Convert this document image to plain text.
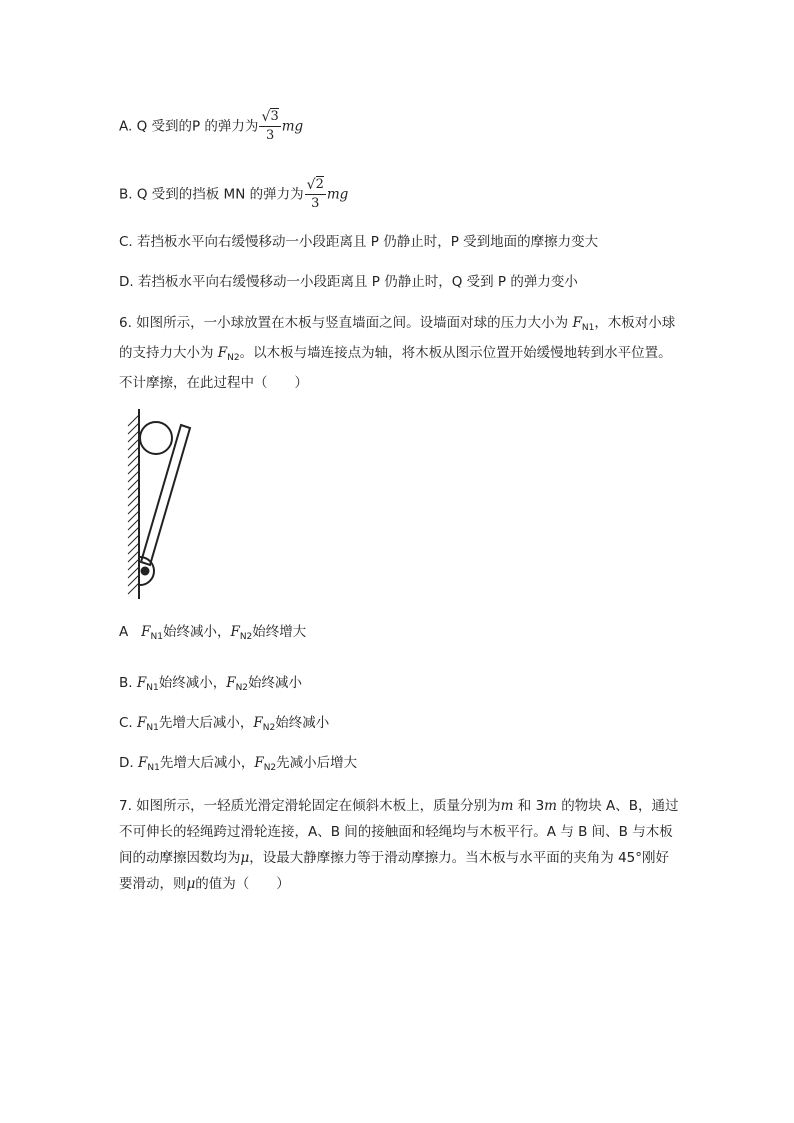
A. Q 受到的P 的弹力为 $\frac{√ 3}{3}$ mg
B. Q 受到的挡板 MN 的弹力为 $\frac{√ 2}{3}$ mg
C. 若挡板水平向右缓慢移动一小段距离且 P 仍静止时，P 受到地面的摩擦力变大
D. 若挡板水平向右缓慢移动一小段距离且 P 仍静止时，Q 受到 P 的弹力变小
6. 如图所示，一小球放置在木板与竖直墙面之间。设墙面对球的压力大小为 $F_{N1}$，木板对小球的支持力大小为 $F_{N2}$。以木板与墙连接点为轴，将木板从图示位置开始缓慢地转到水平位置。不计摩擦，在此过程中（　　）
A   $F_{N1}$始终减小，$F_{N2}$始终增大
B. $F_{N1}$始终减小，$F_{N2}$始终减小
C. $F_{N1}$先增大后减小，$F_{N2}$始终减小
D. $F_{N1}$先增大后减小，$F_{N2}$先减小后增大
7. 如图所示，一轻质光滑定滑轮固定在倾斜木板上，质量分别为m 和 3m 的物块 A、B，通过不可伸长的轻绳跨过滑轮连接，A、B 间的接触面和轻绳均与木板平行。A 与 B 间、B 与木板间的动摩擦因数均为μ，设最大静摩擦力等于滑动摩擦力。当木板与水平面的夹角为 45°刚好要滑动，则μ的值为（　　）
